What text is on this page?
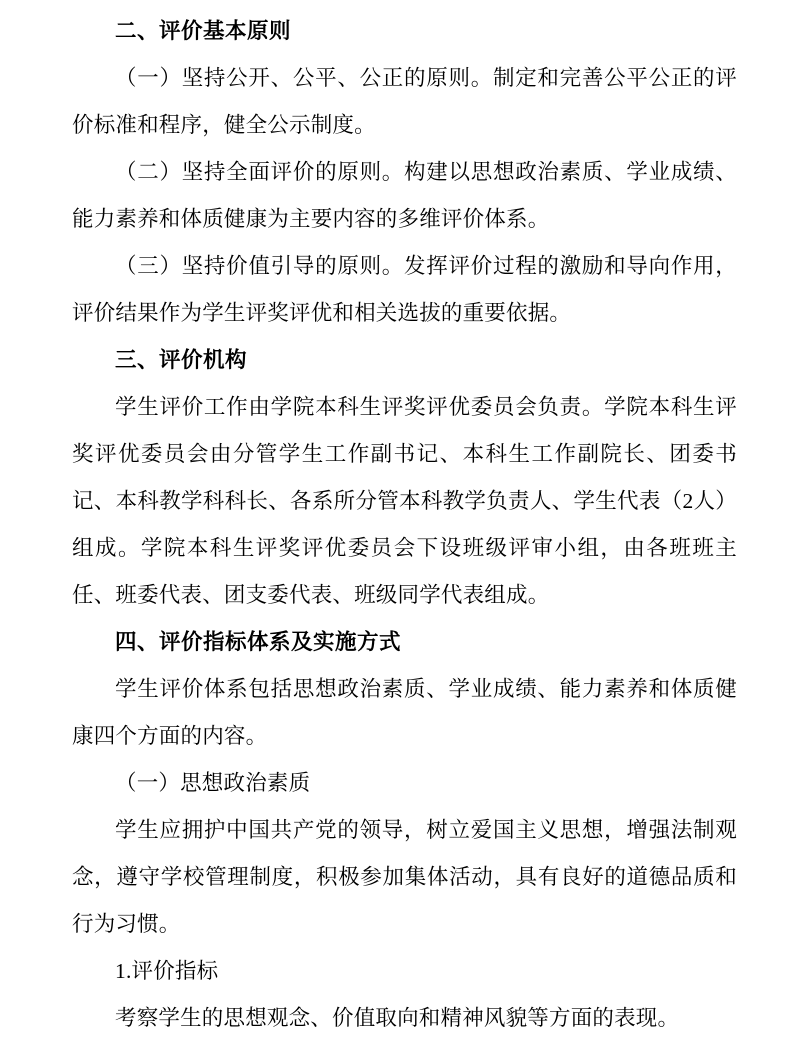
二、评价基本原则

（一）坚持公开、公平、公正的原则。制定和完善公平公正的评价标准和程序，健全公示制度。

（二）坚持全面评价的原则。构建以思想政治素质、学业成绩、能力素养和体质健康为主要内容的多维评价体系。

（三）坚持价值引导的原则。发挥评价过程的激励和导向作用，评价结果作为学生评奖评优和相关选拔的重要依据。

三、评价机构

学生评价工作由学院本科生评奖评优委员会负责。学院本科生评奖评优委员会由分管学生工作副书记、本科生工作副院长、团委书记、本科教学科科长、各系所分管本科教学负责人、学生代表（2人）组成。学院本科生评奖评优委员会下设班级评审小组，由各班班主任、班委代表、团支委代表、班级同学代表组成。

四、评价指标体系及实施方式

学生评价体系包括思想政治素质、学业成绩、能力素养和体质健康四个方面的内容。

（一）思想政治素质

学生应拥护中国共产党的领导，树立爱国主义思想，增强法制观念，遵守学校管理制度，积极参加集体活动，具有良好的道德品质和行为习惯。

1.评价指标

考察学生的思想观念、价值取向和精神风貌等方面的表现。
